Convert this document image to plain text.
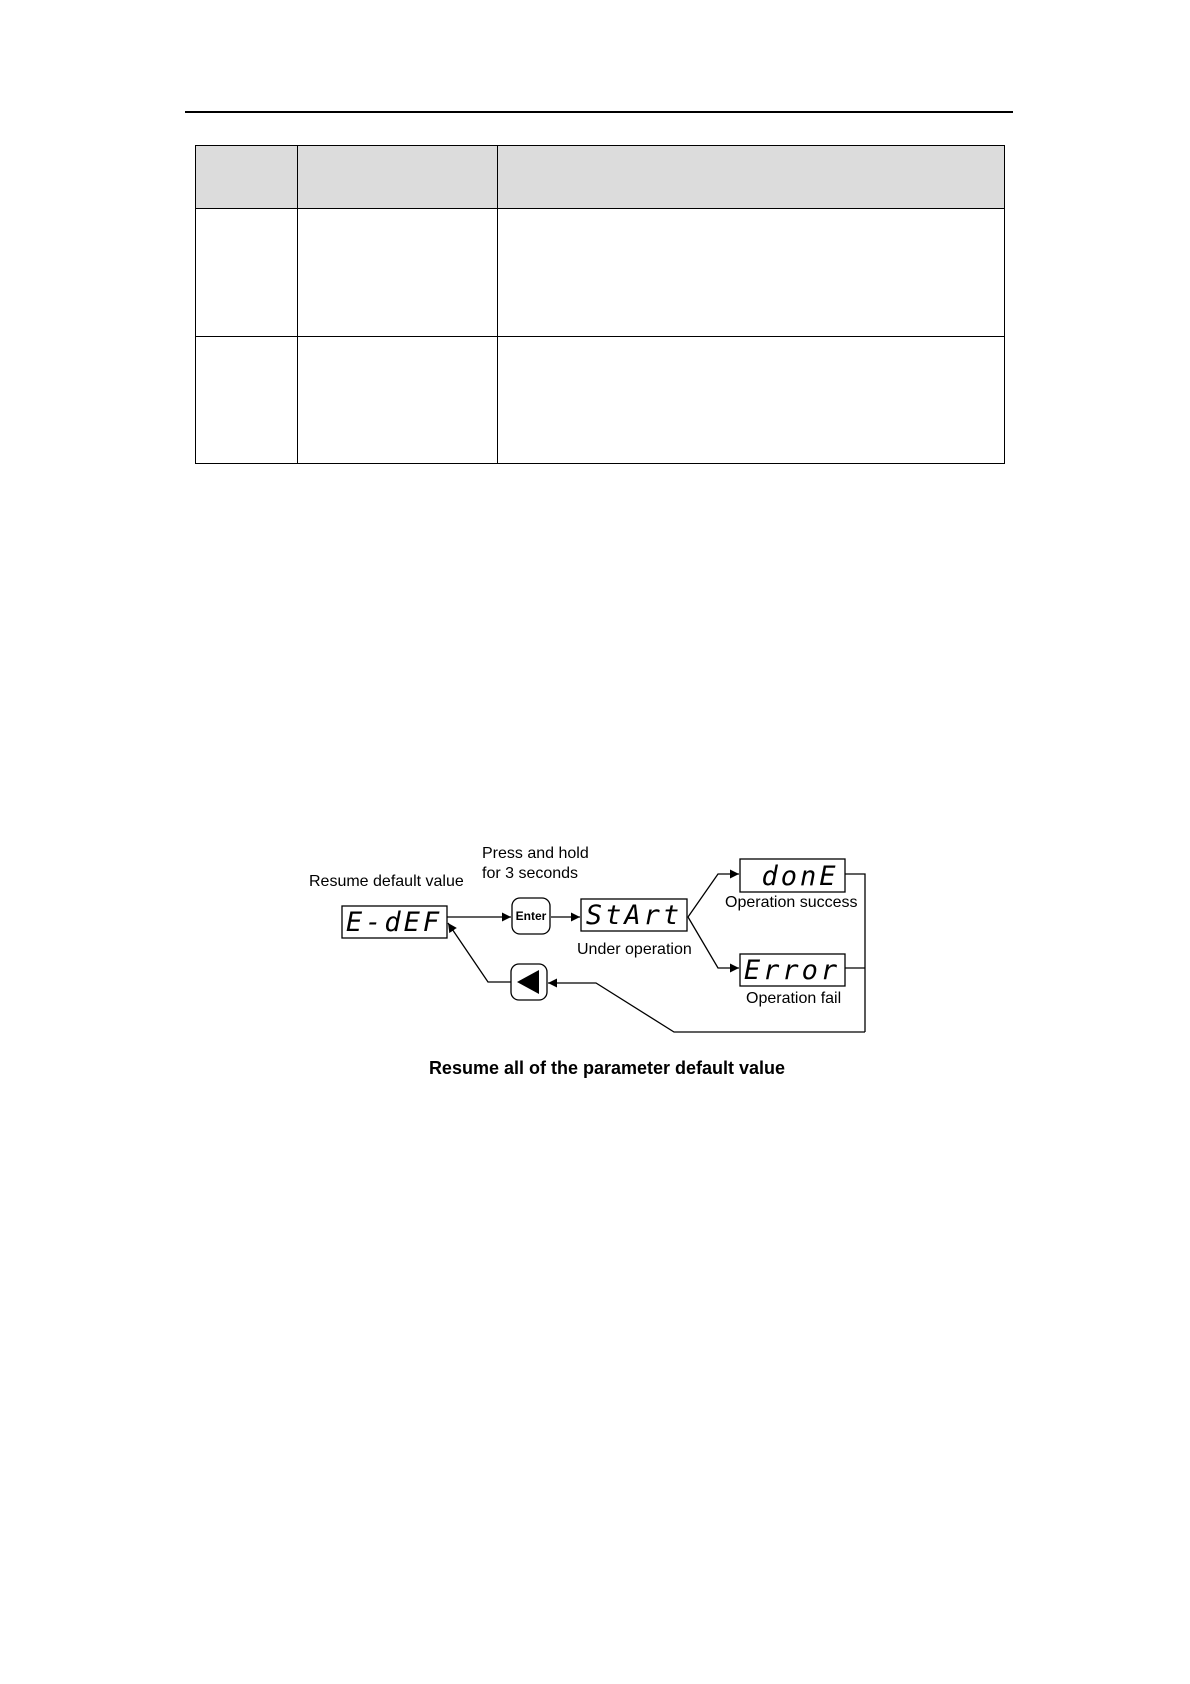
Resume default value
Press and hold
for 3 seconds
Under operation
Operation success
Operation fail
E-dEF	Enter StArt
donE
Error
Resume all of the parameter default value
